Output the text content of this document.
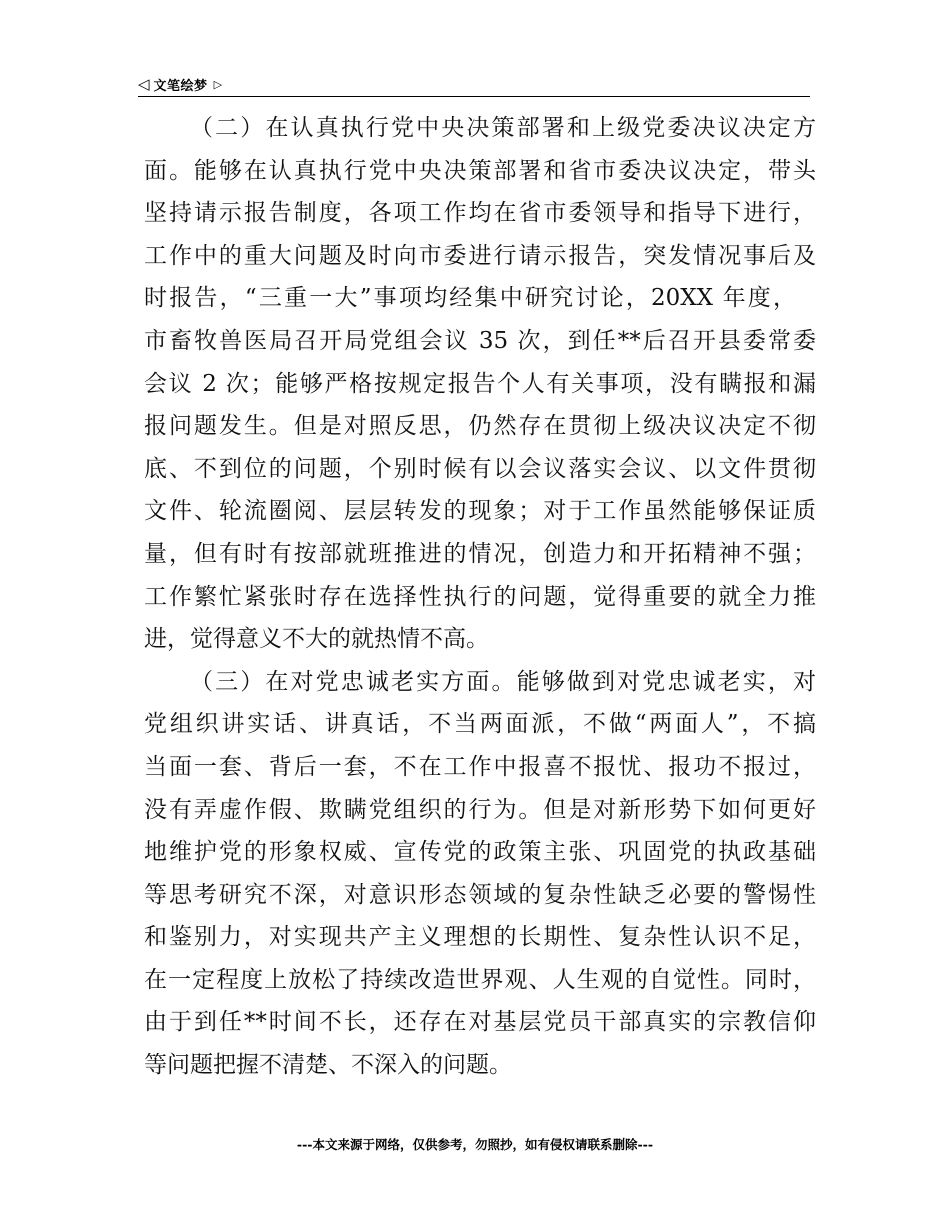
◁ 文笔绘梦 ▷
（二）在认真执行党中央决策部署和上级党委决议决定方
面。能够在认真执行党中央决策部署和省市委决议决定，带头
坚持请示报告制度，各项工作均在省市委领导和指导下进行，
工作中的重大问题及时向市委进行请示报告，突发情况事后及
时报告，“三重一大”事项均经集中研究讨论，20XX 年度，
市畜牧兽医局召开局党组会议 35 次，到任**后召开县委常委
会议 2 次；能够严格按规定报告个人有关事项，没有瞒报和漏
报问题发生。但是对照反思，仍然存在贯彻上级决议决定不彻
底、不到位的问题，个别时候有以会议落实会议、以文件贯彻
文件、轮流圈阅、层层转发的现象；对于工作虽然能够保证质
量，但有时有按部就班推进的情况，创造力和开拓精神不强；
工作繁忙紧张时存在选择性执行的问题，觉得重要的就全力推
进，觉得意义不大的就热情不高。
（三）在对党忠诚老实方面。能够做到对党忠诚老实，对
党组织讲实话、讲真话，不当两面派，不做“两面人”，不搞
当面一套、背后一套，不在工作中报喜不报忧、报功不报过，
没有弄虚作假、欺瞒党组织的行为。但是对新形势下如何更好
地维护党的形象权威、宣传党的政策主张、巩固党的执政基础
等思考研究不深，对意识形态领域的复杂性缺乏必要的警惕性
和鉴别力，对实现共产主义理想的长期性、复杂性认识不足，
在一定程度上放松了持续改造世界观、人生观的自觉性。同时，
由于到任**时间不长，还存在对基层党员干部真实的宗教信仰
等问题把握不清楚、不深入的问题。
---本文来源于网络，仅供参考，勿照抄，如有侵权请联系删除---
